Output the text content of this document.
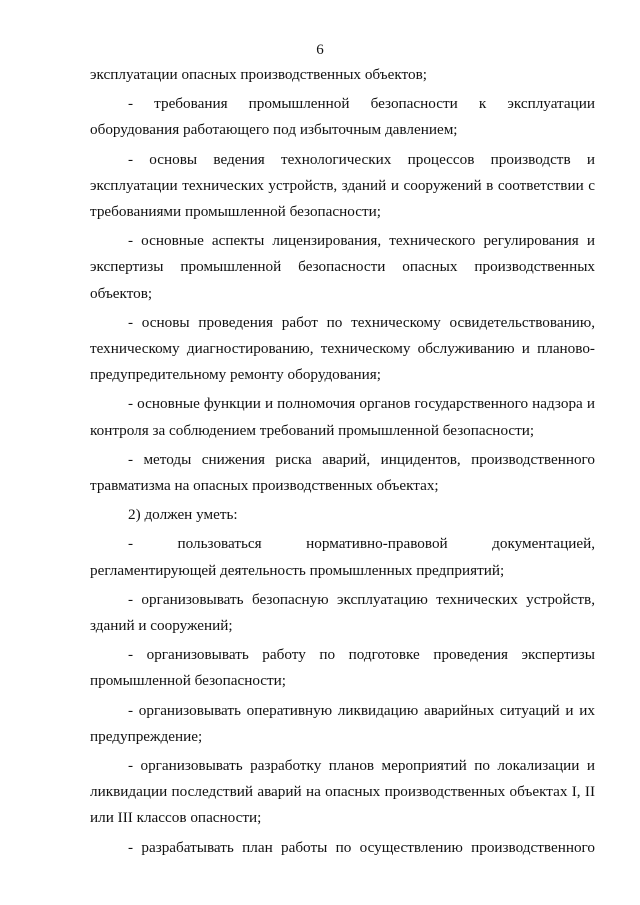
6

эксплуатации опасных производственных объектов;

- требования промышленной безопасности к эксплуатации оборудования работающего под избыточным давлением;

- основы ведения технологических процессов производств и эксплуатации технических устройств, зданий и сооружений в соответствии с требованиями промышленной безопасности;

- основные аспекты лицензирования, технического регулирования и экспертизы промышленной безопасности опасных производственных объектов;

- основы проведения работ по техническому освидетельствованию, техническому диагностированию, техническому обслуживанию и планово-предупредительному ремонту оборудования;

- основные функции и полномочия органов государственного надзора и контроля за соблюдением требований промышленной безопасности;

- методы снижения риска аварий, инцидентов, производственного травматизма на опасных производственных объектах;

2) должен уметь:

- пользоваться нормативно-правовой документацией, регламентирующей деятельность промышленных предприятий;

- организовывать безопасную эксплуатацию технических устройств, зданий и сооружений;

- организовывать работу по подготовке проведения экспертизы промышленной безопасности;

- организовывать оперативную ликвидацию аварийных ситуаций и их предупреждение;

- организовывать разработку планов мероприятий по локализации и ликвидации последствий аварий на опасных производственных объектах I, II или III классов опасности;

- разрабатывать план работы по осуществлению производственного
